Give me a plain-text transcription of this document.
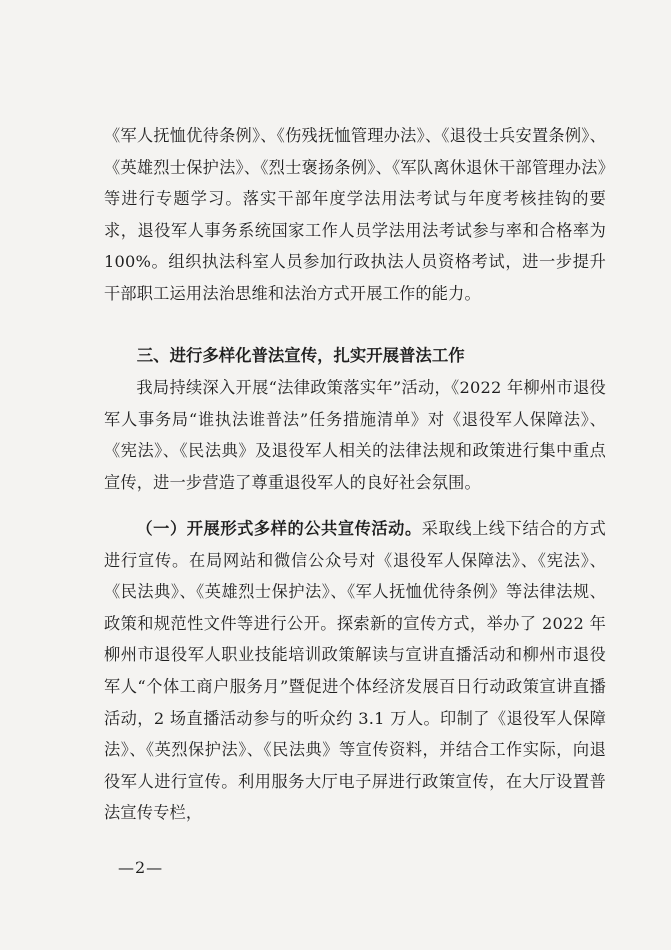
《军人抚恤优待条例》、《伤残抚恤管理办法》、《退役士兵安置条例》、《英雄烈士保护法》、《烈士褒扬条例》、《军队离休退休干部管理办法》等进行专题学习。落实干部年度学法用法考试与年度考核挂钩的要求，退役军人事务系统国家工作人员学法用法考试参与率和合格率为 100%。组织执法科室人员参加行政执法人员资格考试，进一步提升干部职工运用法治思维和法治方式开展工作的能力。

三、进行多样化普法宣传，扎实开展普法工作

我局持续深入开展“法律政策落实年”活动，《2022 年柳州市退役军人事务局“谁执法谁普法”任务措施清单》对《退役军人保障法》、《宪法》、《民法典》及退役军人相关的法律法规和政策进行集中重点宣传，进一步营造了尊重退役军人的良好社会氛围。

（一）开展形式多样的公共宣传活动。采取线上线下结合的方式进行宣传。在局网站和微信公众号对《退役军人保障法》、《宪法》、《民法典》、《英雄烈士保护法》、《军人抚恤优待条例》等法律法规、政策和规范性文件等进行公开。探索新的宣传方式，举办了 2022 年柳州市退役军人职业技能培训政策解读与宣讲直播活动和柳州市退役军人“个体工商户服务月”暨促进个体经济发展百日行动政策宣讲直播活动，2 场直播活动参与的听众约 3.1 万人。印制了《退役军人保障法》、《英烈保护法》、《民法典》等宣传资料，并结合工作实际，向退役军人进行宣传。利用服务大厅电子屏进行政策宣传，在大厅设置普法宣传专栏，

—2—
